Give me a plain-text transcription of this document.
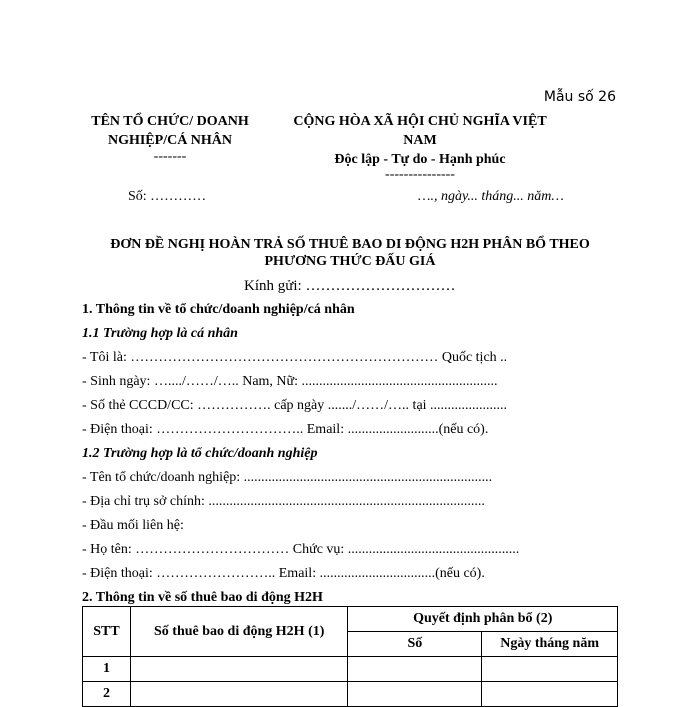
Mẫu số 26
TÊN TỔ CHỨC/ DOANH
NGHIỆP/CÁ NHÂN
-------
CỘNG HÒA XÃ HỘI CHỦ NGHĨA VIỆT
NAM
Độc lập - Tự do - Hạnh phúc
---------------
Số: …………	…., ngày... tháng... năm…
ĐƠN ĐỀ NGHỊ HOÀN TRẢ SỐ THUÊ BAO DI ĐỘNG H2H PHÂN BỔ THEO
PHƯƠNG THỨC ĐẤU GIÁ
Kính gửi: …………………………
1. Thông tin về tổ chức/doanh nghiệp/cá nhân
1.1 Trường hợp là cá nhân
- Tôi là: ………………………………………………………… Quốc tịch ..
- Sinh ngày: …..../……/….. Nam, Nữ: ........................................................
- Số thẻ CCCD/CC: ……………. cấp ngày ......./……/….. tại ......................
- Điện thoại: ………………………….. Email: ..........................(nếu có).
1.2 Trường hợp là tổ chức/doanh nghiệp
- Tên tổ chức/doanh nghiệp: .......................................................................
- Địa chỉ trụ sở chính: ...............................................................................
- Đầu mối liên hệ:
- Họ tên: …………………………… Chức vụ: .................................................
- Điện thoại: …………………….. Email: .................................(nếu có).
2. Thông tin về số thuê bao di động H2H
STT	Số thuê bao di động H2H (1)	Quyết định phân bổ (2)	
		Số	Ngày tháng năm
1			
2			
